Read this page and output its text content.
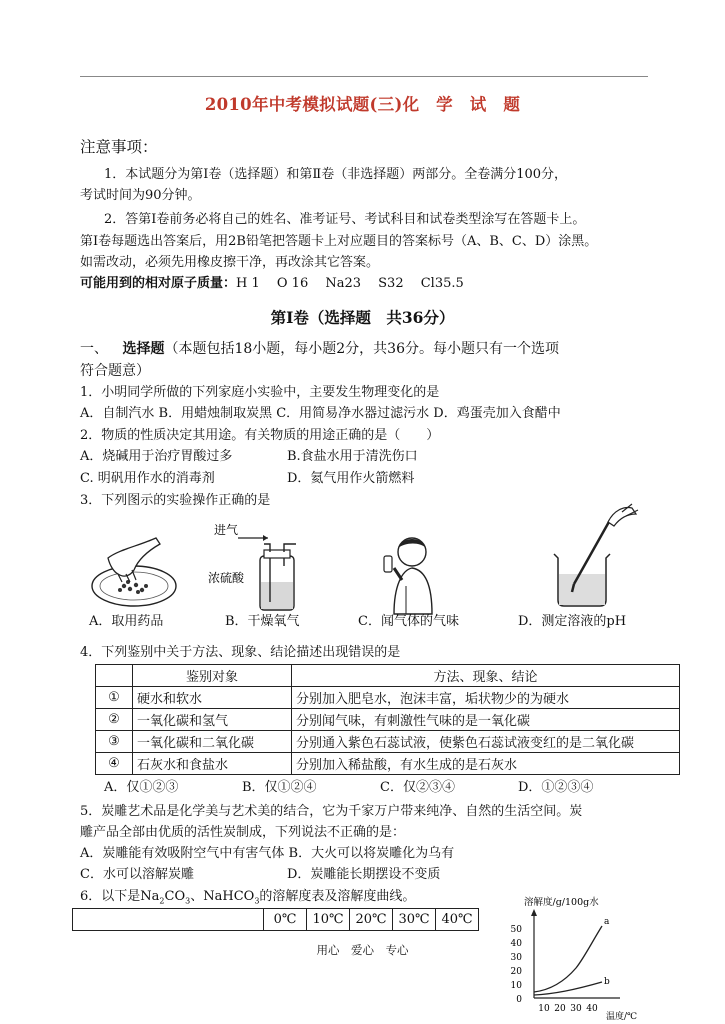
2010年中考模拟试题(三)化　学　试　题
注意事项：
1．本试题分为第Ⅰ卷（选择题）和第Ⅱ卷（非选择题）两部分。全卷满分100分，
考试时间为90分钟。
2．答第Ⅰ卷前务必将自己的姓名、准考证号、考试科目和试卷类型涂写在答题卡上。
第Ⅰ卷每题选出答案后，用2B铅笔把答题卡上对应题目的答案标号（A、B、C、D）涂黑。
如需改动，必须先用橡皮擦干净，再改涂其它答案。
可能用到的相对原子质量：H 1　 O 16　 Na23　 S32　 Cl35.5
第Ⅰ卷（选择题　共36分）
一、 选择题（本题包括18小题，每小题2分，共36分。每小题只有一个选项
符合题意）
1．小明同学所做的下列家庭小实验中，主要发生物理变化的是
A．自制汽水 B．用蜡烛制取炭黑 C．用简易净水器过滤污水 D．鸡蛋壳加入食醋中
2．物质的性质决定其用途。有关物质的用途正确的是（　　）
A．烧碱用于治疗胃酸过多	B.食盐水用于清洗伤口
C. 明矾用作水的消毒剂	D．氦气用作火箭燃料
3．下列图示的实验操作正确的是
进气
浓硫酸
A．取用药品	B．干燥氧气	C．闻气体的气味	D．测定溶液的pH
4．下列鉴别中关于方法、现象、结论描述出现错误的是
	鉴别对象	方法、现象、结论
①	硬水和软水	分别加入肥皂水，泡沫丰富，垢状物少的为硬水
②	一氧化碳和氢气	分别闻气味，有刺激性气味的是一氧化碳
③	一氧化碳和二氧化碳	分别通入紫色石蕊试液，使紫色石蕊试液变红的是二氧化碳
④	石灰水和食盐水	分别加入稀盐酸，有水生成的是石灰水
A．仅①②③	B．仅①②④	C．仅②③④	D．①②③④
5．炭雕艺术品是化学美与艺术美的结合，它为千家万户带来纯净、自然的生活空间。炭
雕产品全部由优质的活性炭制成，下列说法不正确的是：
A．炭雕能有效吸附空气中有害气体 B．大火可以将炭雕化为乌有
C．水可以溶解炭雕	D．炭雕能长期摆设不变质
6．以下是$Na_2CO_3$、NaHCO$_3$的溶解度表及溶解度曲线。
	0℃	10℃	20℃	30℃	40℃
溶解度/g/100g水
50
40
30
20
10
0
a
b
10 20 30 40
温度/℃
用心　爱心　专心
